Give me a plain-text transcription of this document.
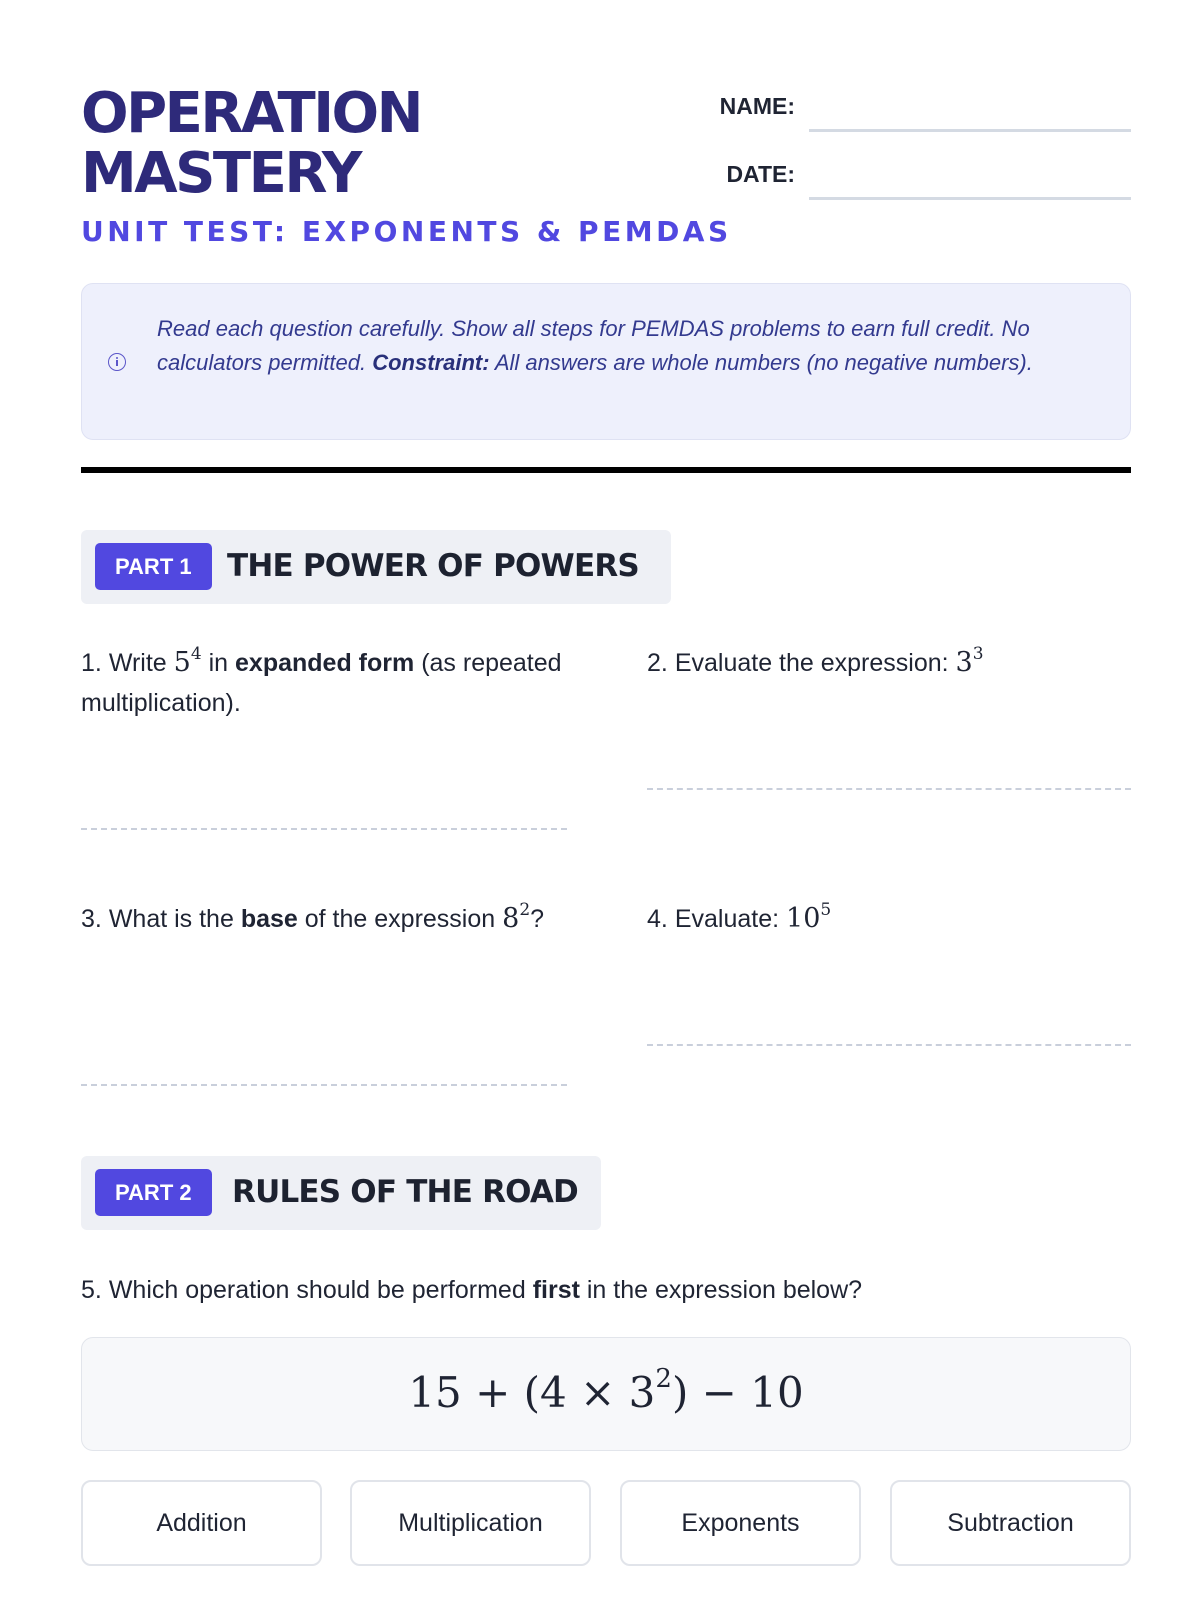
OPERATION
MASTERY
UNIT TEST: EXPONENTS & PEMDAS
NAME:
DATE:
Read each question carefully. Show all steps for PEMDAS problems to earn full credit. No calculators permitted. Constraint: All answers are whole numbers (no negative numbers).
PART 1	THE POWER OF POWERS
1. Write $5^4$ in expanded form (as repeated multiplication).
2. Evaluate the expression: $3^3$
3. What is the base of the expression $8^2$?	4. Evaluate: $10^5$
PART 2	RULES OF THE ROAD
5. Which operation should be performed first in the expression below?
$15 + (4 \times 3^2) - 10$
Addition	Multiplication	Exponents	Subtraction
